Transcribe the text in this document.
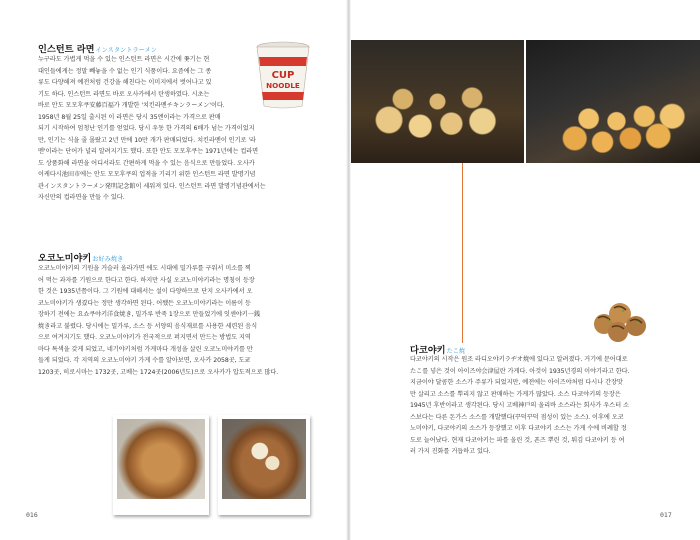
인스턴트 라면インスタントラーメン
누구라도 가볍게 먹을 수 있는 인스턴트 라면은 시간에 쫓기는 현
대인들에게는 정말 빼놓을 수 없는 인기 식품이다. 요즘에는 그 종
류도 다양해져 예전처럼 건강을 해친다는 이미지에서 벗어나고 있
기도 하다. 인스턴트 라면도 바로 오사카에서 탄생하였다. 시초는
바로 안도 모모후쿠安藤百福가 개발한 '치킨라멘チキンラーメン'이다.
1958년 8월 25일 출시된 이 라면은 당시 35엔이라는 가격으로 판매
되기 시작하여 엄청난 인기를 얻었다. 당시 우동 한 가격의 6배가 넘는 가격이었지
만, 인기는 식을 줄 몰랐고 2년 만에 10만 개가 판매되었다. 치킨라멘이 인기로 '라
멘'이라는 단어가 널리 알려지기도 했다. 또한 안도 모모후쿠는 1971년에는 컵라면
도 상품화해 라면을 어디서라도 간편하게 먹을 수 있는 음식으로 만들었다. 오사카
이케다시池田市에는 안도 모모후쿠의 업적을 기리기 위한 인스턴트 라면 발명기념
관インスタントラーメン発明記念館이 세워져 있다. 인스턴트 라면 발명기념관에서는
자신만의 컵라면을 만들 수 있다.
CUP
NOODLE
오코노미야키お好み焼き
오코노미야키의 기원을 거슬러 올라가면 에도 시대에 밀가루를 구워서 미소를 찍
어 먹는 과자를 기원으로 한다고 한다. 하지만 사실 오코노미야키라는 명칭이 등장
한 것은 1935년쯤이다. 그 기원에 대해서는 설이 다양하므로 단지 오사카에서 오
코노미야키가 생겼다는 정만 생각하면 된다. 어쨌든 오코노미야키라는 이름이 등
장하기 전에는 요쇼쿠야키洋食焼き, 밀가루 반죽 1장으로 만들었기에 잇센야키一銭
焼き라고 불렸다. 당시에는 밀가루, 소스 등 서양의 음식재료를 사용한 세련된 음식
으로 여겨지기도 했다. 오코노미야키가 전국적으로 퍼지면서 만드는 방법도 지역
마다 특색을 갖게 되었고, 네기야키처럼 가게마다 개성을 살린 오코노미야키를 만
들게 되었다. 각 지역의 오코노미야키 가게 수를 알아보면, 오사카 2058곳, 도쿄
1203곳, 히로시마는 1732곳, 고베는 1724곳(2006년도)으로 오사카가 압도적으로 많다.
016
다코야키たこ焼
다코야키의 시작은 원조 라디오야키ラヂオ焼에 있다고 알려졌다. 거기에 문어대로
たこ를 넣은 것이 아이즈야会津屋란 가게다. 아것이 1935년경의 이야기라고 한다.
지금이야 달콤한 소스가 주류가 되었지만, 예전에는 아이즈야처럼 다시나 간장맛
만 살리고 소스를 뿌리지 않고 판매하는 가게가 많았다. 소스 다코야키의 등장은
1945년 후반이라고 생각된다. 당시 고베神戸의 올리바 소스라는 회사가 우스터 소
스보다는 다른 돈가스 소스를 개발했다(꾸덕꾸덕 점성이 있는 소스). 이후에 오코
노미야키, 다코야키의 소스가 등장했고 이후 다코야키 소스는 가게 수에 비례할 정
도로 늘어났다. 현재 다코야키는 파를 올린 것, 폰즈 뿌린 것, 튀김 다코야키 등 여
러 가지 진화를 거듭하고 있다.
017
